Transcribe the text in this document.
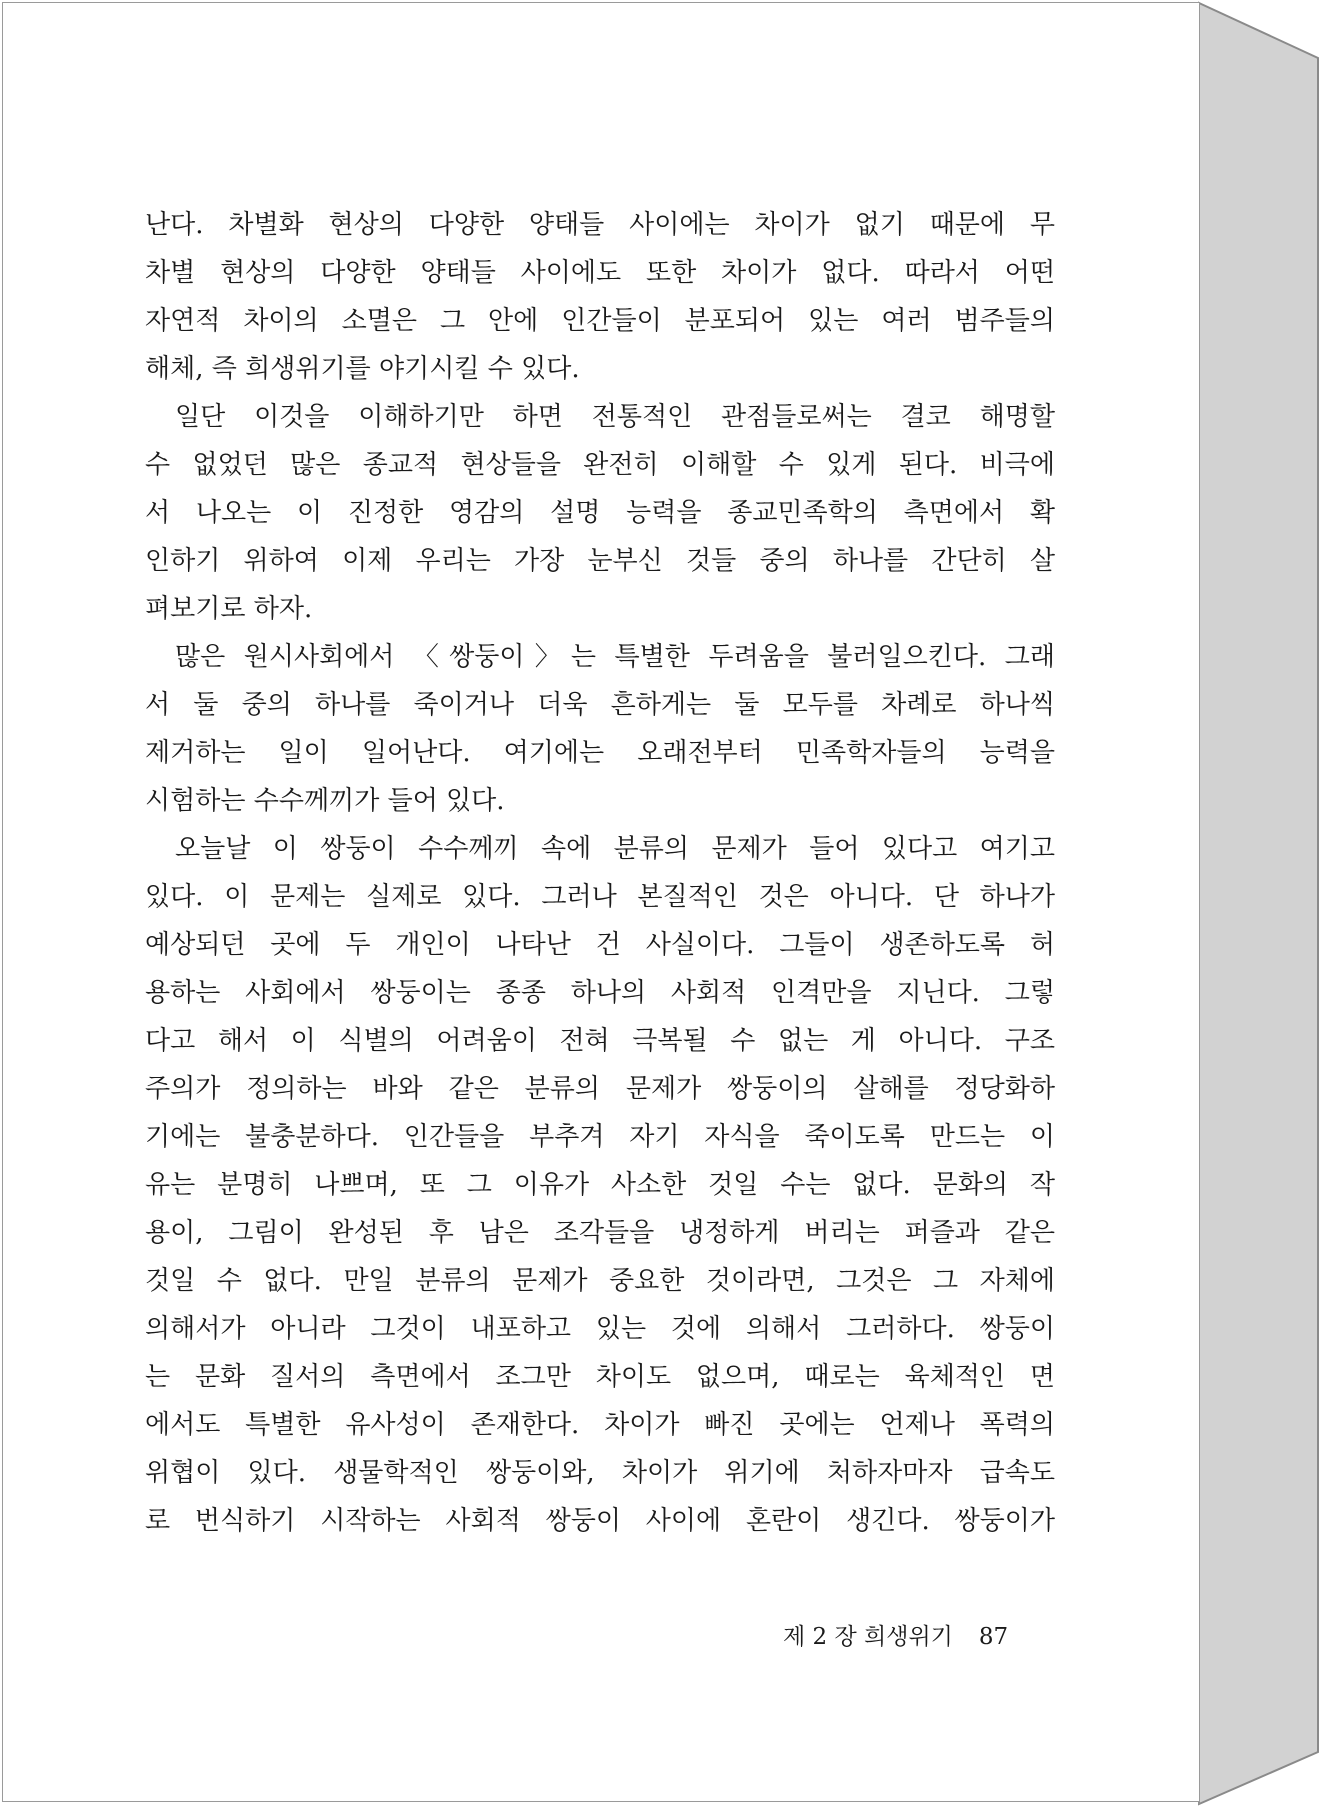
난다. 차별화 현상의 다양한 양태들 사이에는 차이가 없기 때문에 무
차별 현상의 다양한 양태들 사이에도 또한 차이가 없다. 따라서 어떤
자연적 차이의 소멸은 그 안에 인간들이 분포되어 있는 여러 범주들의
해체, 즉 희생위기를 야기시킬 수 있다.
일단 이것을 이해하기만 하면 전통적인 관점들로써는 결코 해명할
수 없었던 많은 종교적 현상들을 완전히 이해할 수 있게 된다. 비극에
서 나오는 이 진정한 영감의 설명 능력을 종교민족학의 측면에서 확
인하기 위하여 이제 우리는 가장 눈부신 것들 중의 하나를 간단히 살
펴보기로 하자.
많은 원시사회에서 〈쌍둥이〉는 특별한 두려움을 불러일으킨다. 그래
서 둘 중의 하나를 죽이거나 더욱 흔하게는 둘 모두를 차례로 하나씩
제거하는 일이 일어난다. 여기에는 오래전부터 민족학자들의 능력을
시험하는 수수께끼가 들어 있다.
오늘날 이 쌍둥이 수수께끼 속에 분류의 문제가 들어 있다고 여기고
있다. 이 문제는 실제로 있다. 그러나 본질적인 것은 아니다. 단 하나가
예상되던 곳에 두 개인이 나타난 건 사실이다. 그들이 생존하도록 허
용하는 사회에서 쌍둥이는 종종 하나의 사회적 인격만을 지닌다. 그렇
다고 해서 이 식별의 어려움이 전혀 극복될 수 없는 게 아니다. 구조
주의가 정의하는 바와 같은 분류의 문제가 쌍둥이의 살해를 정당화하
기에는 불충분하다. 인간들을 부추겨 자기 자식을 죽이도록 만드는 이
유는 분명히 나쁘며, 또 그 이유가 사소한 것일 수는 없다. 문화의 작
용이, 그림이 완성된 후 남은 조각들을 냉정하게 버리는 퍼즐과 같은
것일 수 없다. 만일 분류의 문제가 중요한 것이라면, 그것은 그 자체에
의해서가 아니라 그것이 내포하고 있는 것에 의해서 그러하다. 쌍둥이
는 문화 질서의 측면에서 조그만 차이도 없으며, 때로는 육체적인 면
에서도 특별한 유사성이 존재한다. 차이가 빠진 곳에는 언제나 폭력의
위협이 있다. 생물학적인 쌍둥이와, 차이가 위기에 처하자마자 급속도
로 번식하기 시작하는 사회적 쌍둥이 사이에 혼란이 생긴다. 쌍둥이가
제 2 장 희생위기 87
